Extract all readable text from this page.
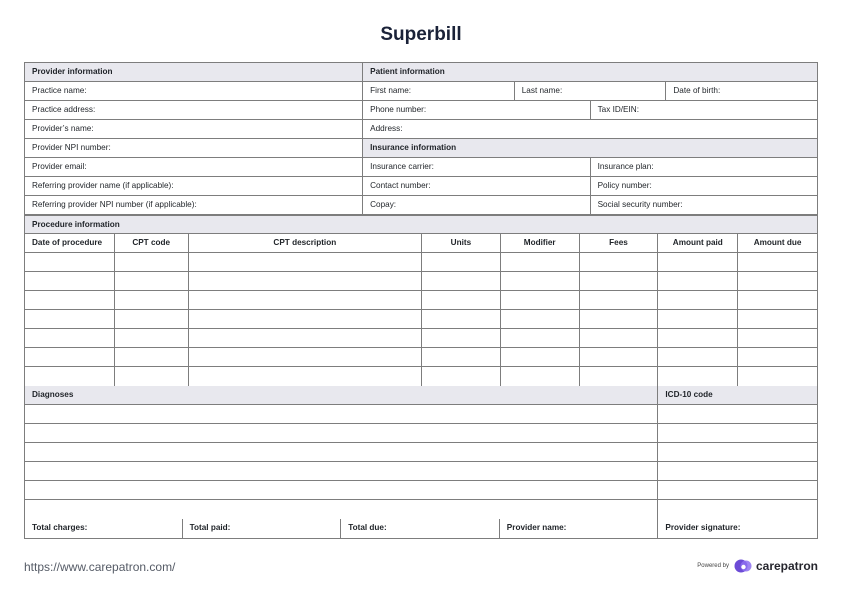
Superbill
Provider information	Patient information
Practice name:	First name:	Last name:	Date of birth:
Practice address:	Phone number:	Tax ID/EIN:
Provider’s name:	Address:
Provider NPI number:	Insurance information
Provider email:	Insurance carrier:	Insurance plan:
Referring provider name (if applicable):	Contact number:	Policy number:
Referring provider NPI number (if applicable):	Copay:	Social security number:
Procedure information
Date of procedure	CPT code	CPT description	Units	Modifier	Fees	Amount paid	Amount due
Diagnoses	ICD-10 code
Total charges:	Total paid:	Total due:	Provider name:	Provider signature:
https://www.carepatron.com/	Powered by carepatron
